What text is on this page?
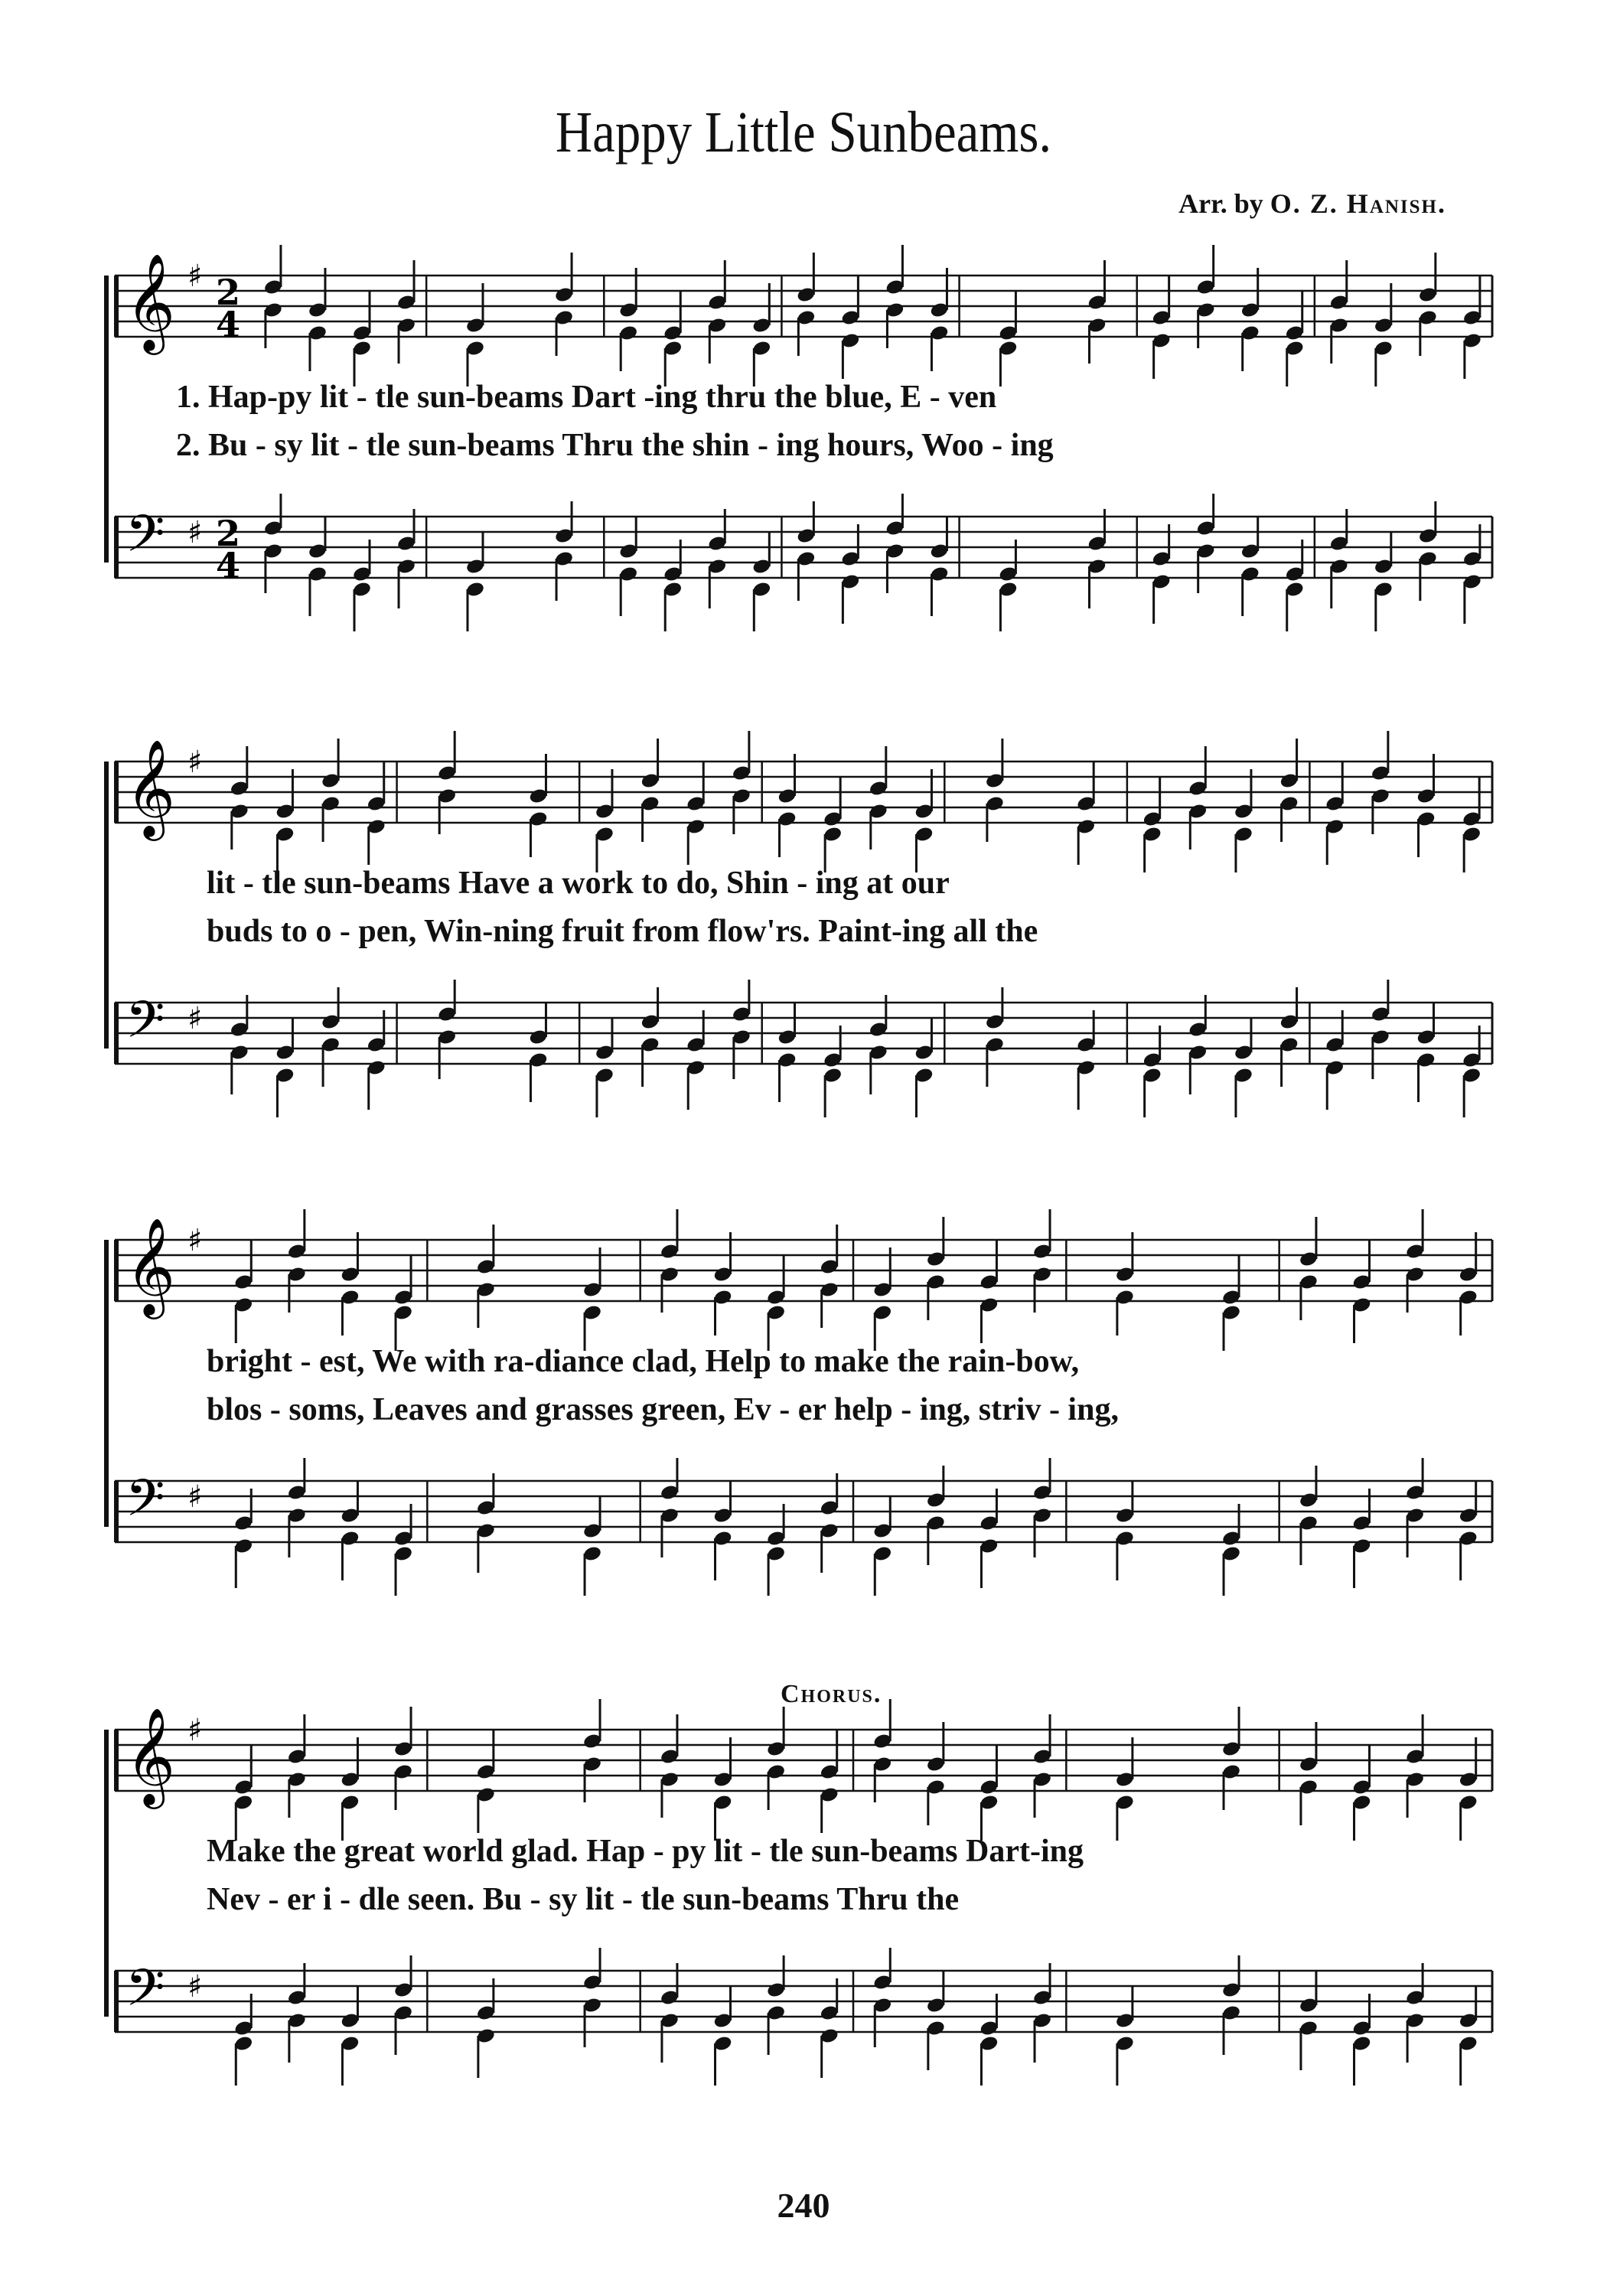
Happy Little Sunbeams.
Arr. by O. Z. Hanish.
𝄞 ♯ 2
4
1. Hap-py lit - tle sun-beams Dart -ing thru the blue, E - ven
2. Bu - sy lit - tle sun-beams Thru the shin - ing hours, Woo - ing
𝄢 ♯ 2
4
𝄞 ♯
lit - tle sun-beams Have a work to do, Shin - ing at our
buds to o - pen, Win-ning fruit from flow'rs. Paint-ing all the
𝄢 ♯
𝄞 ♯
bright - est, We with ra-diance clad, Help to make the rain-bow,
blos - soms, Leaves and grasses green, Ev - er help - ing, striv - ing,
𝄢 ♯
Chorus.
𝄞 ♯
Make the great world glad. Hap - py lit - tle sun-beams Dart-ing
Nev - er i - dle seen. Bu - sy lit - tle sun-beams Thru the
𝄢 ♯
240
